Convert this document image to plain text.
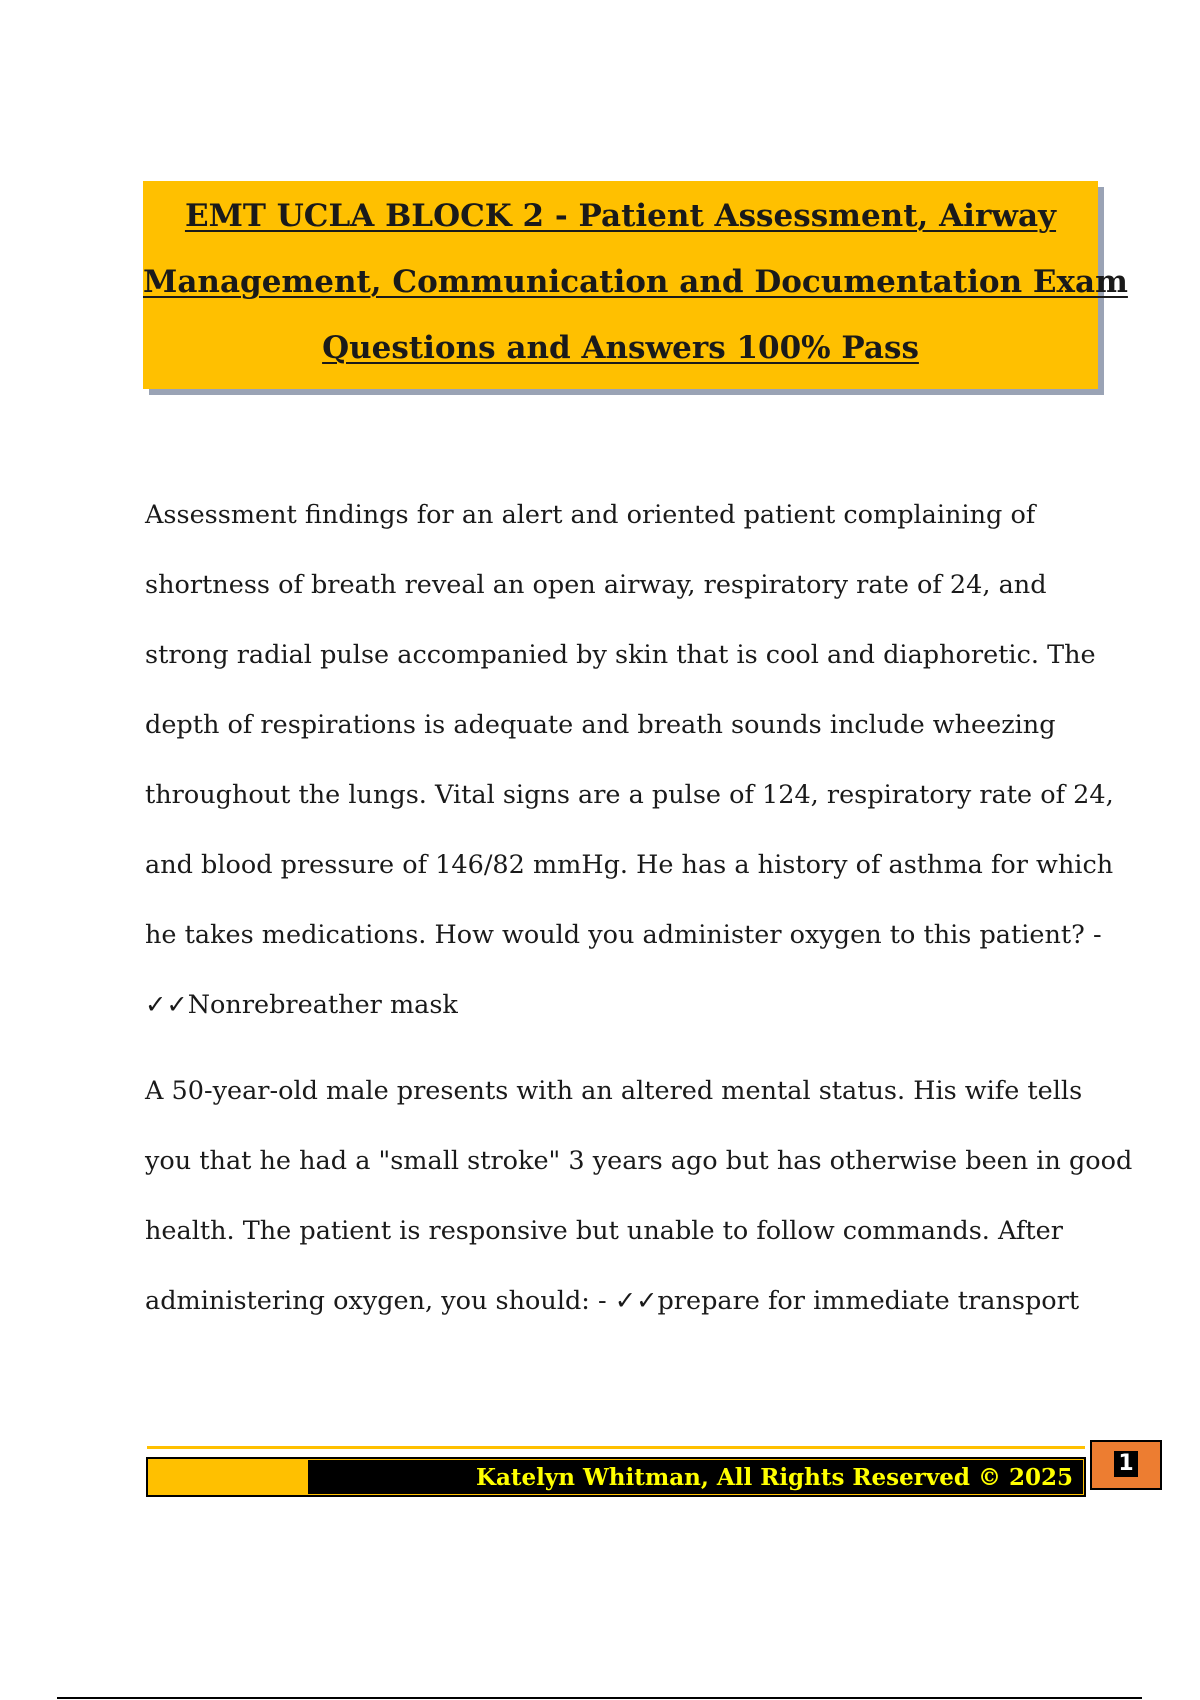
EMT UCLA BLOCK 2 - Patient Assessment, Airway
Management, Communication and Documentation Exam
Questions and Answers 100% Pass
Assessment findings for an alert and oriented patient complaining of
shortness of breath reveal an open airway, respiratory rate of 24, and
strong radial pulse accompanied by skin that is cool and diaphoretic. The
depth of respirations is adequate and breath sounds include wheezing
throughout the lungs. Vital signs are a pulse of 124, respiratory rate of 24,
and blood pressure of 146/82 mmHg. He has a history of asthma for which
he takes medications. How would you administer oxygen to this patient? -
✓✓Nonrebreather mask
A 50-year-old male presents with an altered mental status. His wife tells
you that he had a "small stroke" 3 years ago but has otherwise been in good
health. The patient is responsive but unable to follow commands. After
administering oxygen, you should: - ✓✓prepare for immediate transport
Katelyn Whitman, All Rights Reserved © 2025
1
